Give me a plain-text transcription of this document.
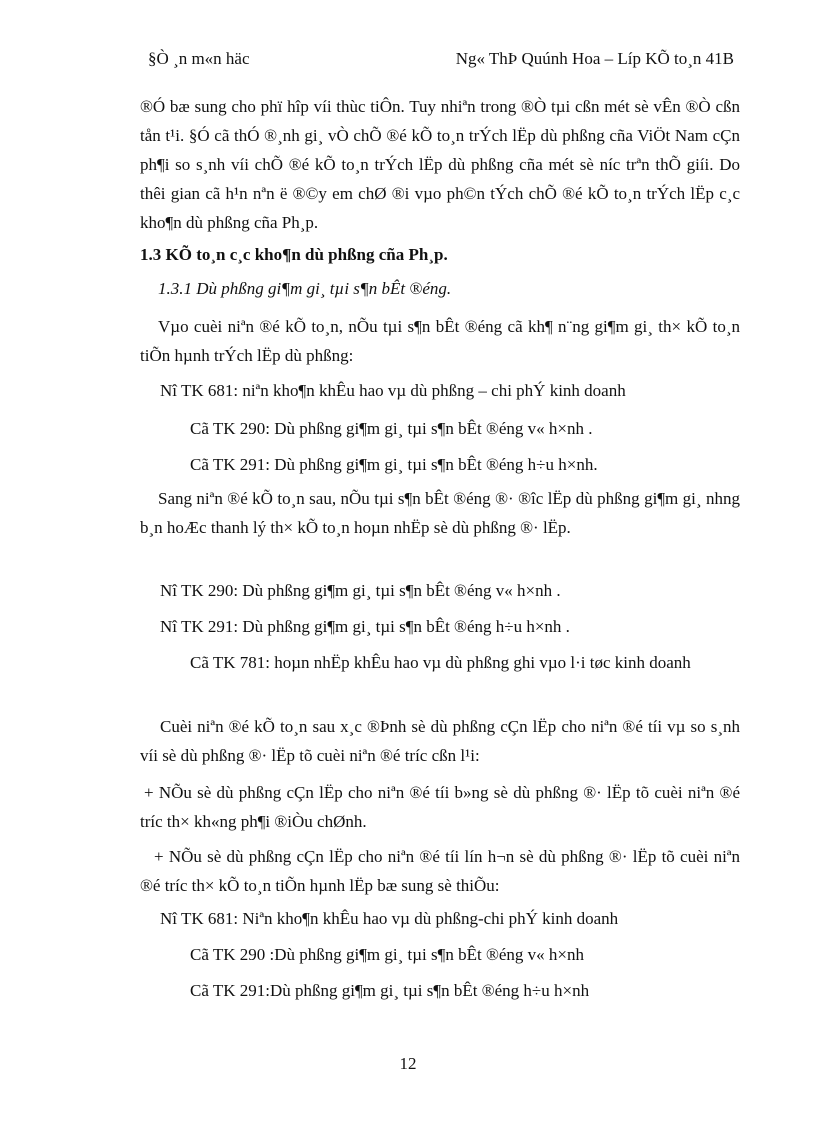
§Ò ¸n m«n häc	Ng« ThÞ Quúnh Hoa – Líp KÕ to¸n 41B

®Ó bæ sung cho phï hîp víi thùc tiÔn. Tuy nhiªn trong ®Ò tµi cßn mét sè vÊn ®Ò cßn tån t¹i. §Ó cã thÓ ®¸nh gi¸ vÒ chÕ ®é kÕ to¸n trÝch lËp dù phßng cña ViÖt Nam cÇn ph¶i so s¸nh víi chÕ ®é kÕ to¸n trÝch lËp dù phßng cña mét sè níc trªn thÕ giíi. Do thêi gian cã h¹n nªn ë ®©y em chØ ®i vµo ph©n tÝch chÕ ®é kÕ to¸n trÝch lËp c¸c kho¶n dù phßng cña Ph¸p.

1.3 KÕ to¸n c¸c kho¶n dù phßng cña Ph¸p.
1.3.1 Dù phßng gi¶m gi¸ tµi s¶n bÊt ®éng.

Vµo cuèi niªn ®é kÕ to¸n, nÕu tµi s¶n bÊt ®éng cã kh¶ n¨ng gi¶m gi¸ th× kÕ to¸n tiÕn hµnh trÝch lËp dù phßng:

Nî TK 681: niªn kho¶n khÊu hao vµ dù phßng – chi phÝ kinh doanh
Cã TK 290: Dù phßng gi¶m gi¸ tµi s¶n bÊt ®éng v« h×nh .
Cã TK 291: Dù phßng gi¶m gi¸ tµi s¶n bÊt ®éng h÷u h×nh.

Sang niªn ®é kÕ to¸n sau, nÕu tµi s¶n bÊt ®éng ®· ®îc lËp dù phßng gi¶m gi¸ nhng b¸n hoÆc thanh lý th× kÕ to¸n hoµn nhËp sè dù phßng ®· lËp.

Nî TK 290: Dù phßng gi¶m gi¸ tµi s¶n bÊt ®éng v« h×nh .
Nî TK 291: Dù phßng gi¶m gi¸ tµi s¶n bÊt ®éng h÷u h×nh .

Cã TK 781: hoµn nhËp khÊu hao vµ dù phßng ghi vµo l·i tøc kinh doanh

Cuèi niªn ®é kÕ to¸n sau x¸c ®Þnh sè dù phßng cÇn lËp cho niªn ®é tíi vµ so s¸nh víi sè dù phßng ®· lËp tõ cuèi niªn ®é tríc cßn l¹i:

+ NÕu sè dù phßng cÇn lËp cho niªn ®é tíi b»ng sè dù phßng ®· lËp tõ cuèi niªn ®é tríc th× kh«ng ph¶i ®iÒu chØnh.

+ NÕu sè dù phßng cÇn lËp cho niªn ®é tíi lín h¬n sè dù phßng ®· lËp tõ cuèi niªn ®é tríc th× kÕ to¸n tiÕn hµnh lËp bæ sung sè thiÕu:

Nî TK 681: Niªn kho¶n khÊu hao vµ dù phßng-chi phÝ kinh doanh
Cã TK 290 :Dù phßng gi¶m gi¸ tµi s¶n bÊt ®éng v« h×nh
Cã TK 291:Dù phßng gi¶m gi¸ tµi s¶n bÊt ®éng h÷u h×nh
12
